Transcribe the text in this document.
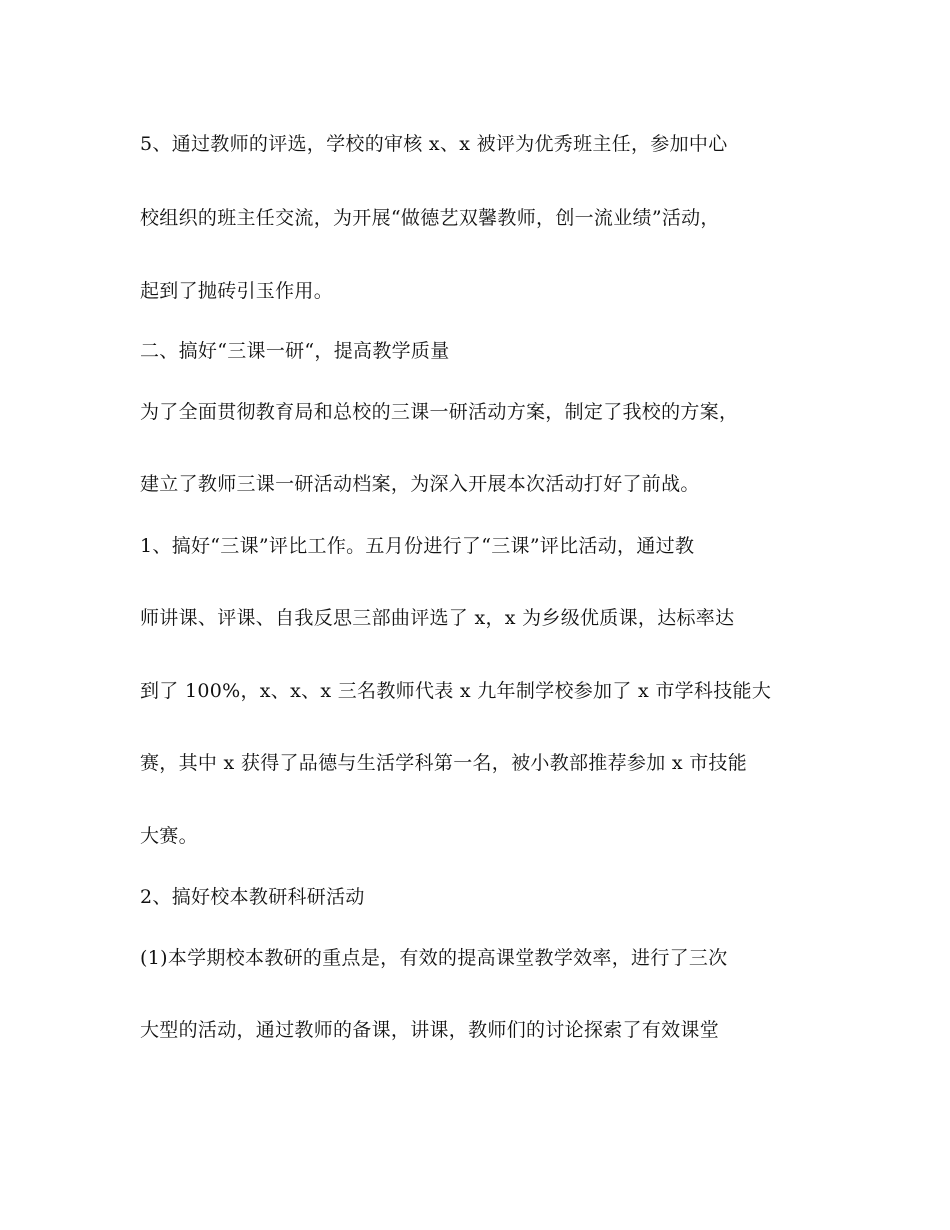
5、通过教师的评选，学校的审核 x、x 被评为优秀班主任，参加中心
校组织的班主任交流，为开展“做德艺双馨教师，创一流业绩”活动，
起到了抛砖引玉作用。
二、搞好“三课一研“，提高教学质量
为了全面贯彻教育局和总校的三课一研活动方案，制定了我校的方案，
建立了教师三课一研活动档案，为深入开展本次活动打好了前战。
1、搞好“三课”评比工作。五月份进行了“三课”评比活动，通过教
师讲课、评课、自我反思三部曲评选了 x，x 为乡级优质课，达标率达
到了 100%，x、x、x 三名教师代表 x 九年制学校参加了 x 市学科技能大
赛，其中 x 获得了品德与生活学科第一名，被小教部推荐参加 x 市技能
大赛。
2、搞好校本教研科研活动
(1)本学期校本教研的重点是，有效的提高课堂教学效率，进行了三次
大型的活动，通过教师的备课，讲课，教师们的讨论探索了有效课堂
